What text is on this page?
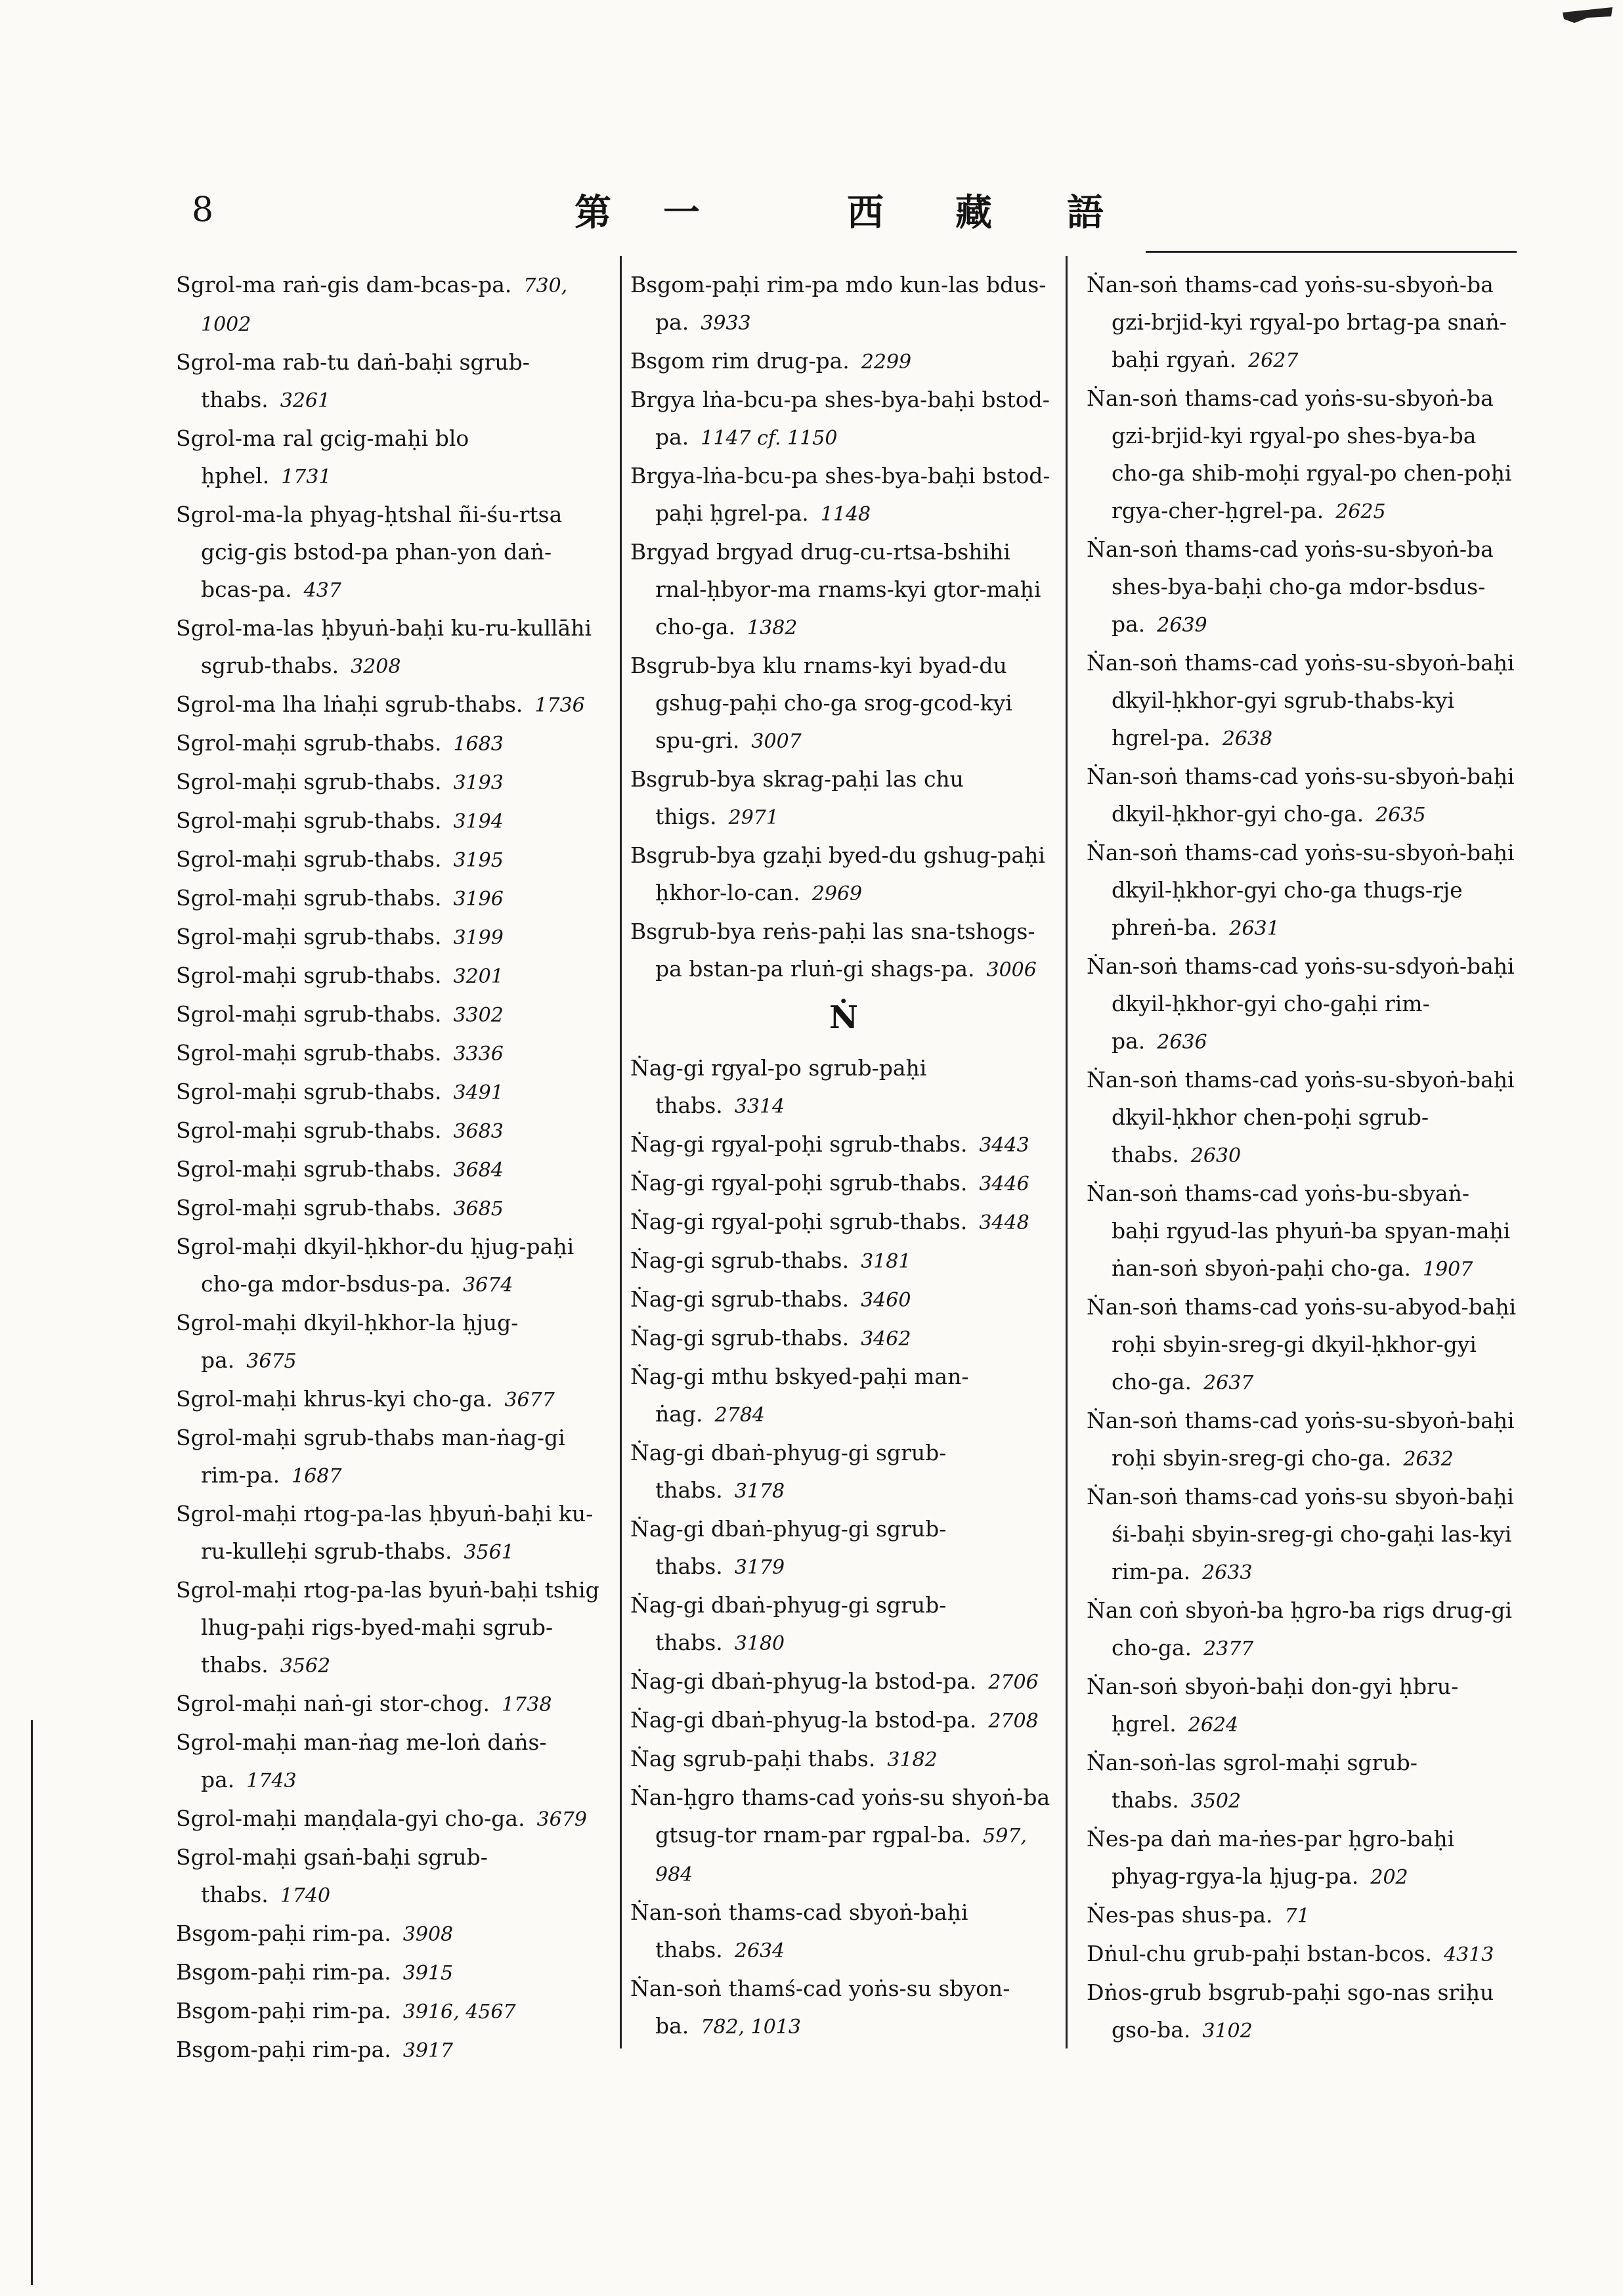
8	第 一	西 藏 語
Sgrol-ma raṅ-gis dam-bcas-pa. 730, 1002
Sgrol-ma rab-tu daṅ-baḥi sgrub-thabs. 3261
Sgrol-ma ral gcig-maḥi blo ḥphel. 1731
Sgrol-ma-la phyag-ḥtshal ñi-śu-rtsa gcig-gis bstod-pa phan-yon daṅ-bcas-pa. 437
Sgrol-ma-las ḥbyuṅ-baḥi ku-ru-kullāhi sgrub-thabs. 3208
Sgrol-ma lha lṅaḥi sgrub-thabs. 1736
Sgrol-maḥi sgrub-thabs. 1683
Sgrol-maḥi sgrub-thabs. 3193
Sgrol-maḥi sgrub-thabs. 3194
Sgrol-maḥi sgrub-thabs. 3195
Sgrol-maḥi sgrub-thabs. 3196
Sgrol-maḥi sgrub-thabs. 3199
Sgrol-maḥi sgrub-thabs. 3201
Sgrol-maḥi sgrub-thabs. 3302
Sgrol-maḥi sgrub-thabs. 3336
Sgrol-maḥi sgrub-thabs. 3491
Sgrol-maḥi sgrub-thabs. 3683
Sgrol-maḥi sgrub-thabs. 3684
Sgrol-maḥi sgrub-thabs. 3685
Sgrol-maḥi dkyil-ḥkhor-du ḥjug-paḥi cho-ga mdor-bsdus-pa. 3674
Sgrol-maḥi dkyil-ḥkhor-la ḥjug-pa. 3675
Sgrol-maḥi khrus-kyi cho-ga. 3677
Sgrol-maḥi sgrub-thabs man-ṅag-gi rim-pa. 1687
Sgrol-maḥi rtog-pa-las ḥbyuṅ-baḥi ku-ru-kulleḥi sgrub-thabs. 3561
Sgrol-maḥi rtog-pa-las byuṅ-baḥi tshig lhug-paḥi rigs-byed-maḥi sgrub-thabs. 3562
Sgrol-maḥi naṅ-gi stor-chog. 1738
Sgrol-maḥi man-ṅag me-loṅ daṅs-pa. 1743
Sgrol-maḥi maṇḍala-gyi cho-ga. 3679
Sgrol-maḥi gsaṅ-baḥi sgrub-thabs. 1740
Bsgom-paḥi rim-pa. 3908
Bsgom-paḥi rim-pa. 3915
Bsgom-paḥi rim-pa. 3916, 4567
Bsgom-paḥi rim-pa. 3917
Bsgom-paḥi rim-pa mdo kun-las bdus-pa. 3933
Bsgom rim drug-pa. 2299
Brgya lṅa-bcu-pa shes-bya-baḥi bstod-pa. 1147 cf. 1150
Brgya-lṅa-bcu-pa shes-bya-baḥi bstod-paḥi ḥgrel-pa. 1148
Brgyad brgyad drug-cu-rtsa-bshihi rnal-ḥbyor-ma rnams-kyi gtor-maḥi cho-ga. 1382
Bsgrub-bya klu rnams-kyi byad-du gshug-paḥi cho-ga srog-gcod-kyi spu-gri. 3007
Bsgrub-bya skrag-paḥi las chu thigs. 2971
Bsgrub-bya gzaḥi byed-du gshug-paḥi ḥkhor-lo-can. 2969
Bsgrub-bya reṅs-paḥi las sna-tshogs-pa bstan-pa rluṅ-gi shags-pa. 3006
Ṅ
Ṅag-gi rgyal-po sgrub-paḥi thabs. 3314
Ṅag-gi rgyal-poḥi sgrub-thabs. 3443
Ṅag-gi rgyal-poḥi sgrub-thabs. 3446
Ṅag-gi rgyal-poḥi sgrub-thabs. 3448
Ṅag-gi sgrub-thabs. 3181
Ṅag-gi sgrub-thabs. 3460
Ṅag-gi sgrub-thabs. 3462
Ṅag-gi mthu bskyed-paḥi man-ṅag. 2784
Ṅag-gi dbaṅ-phyug-gi sgrub-thabs. 3178
Ṅag-gi dbaṅ-phyug-gi sgrub-thabs. 3179
Ṅag-gi dbaṅ-phyug-gi sgrub-thabs. 3180
Ṅag-gi dbaṅ-phyug-la bstod-pa. 2706
Ṅag-gi dbaṅ-phyug-la bstod-pa. 2708
Ṅag sgrub-paḥi thabs. 3182
Ṅan-ḥgro thams-cad yoṅs-su shyoṅ-ba gtsug-tor rnam-par rgpal-ba. 597, 984
Ṅan-soṅ thams-cad sbyoṅ-baḥi thabs. 2634
Ṅan-soṅ thamś-cad yoṅs-su sbyon-ba. 782, 1013
Ṅan-soṅ thams-cad yoṅs-su-sbyoṅ-ba gzi-brjid-kyi rgyal-po brtag-pa snaṅ-baḥi rgyaṅ. 2627
Ṅan-soṅ thams-cad yoṅs-su-sbyoṅ-ba gzi-brjid-kyi rgyal-po shes-bya-ba cho-ga shib-moḥi rgyal-po chen-poḥi rgya-cher-ḥgrel-pa. 2625
Ṅan-soṅ thams-cad yoṅs-su-sbyoṅ-ba shes-bya-baḥi cho-ga mdor-bsdus-pa. 2639
Ṅan-soṅ thams-cad yoṅs-su-sbyoṅ-baḥi dkyil-ḥkhor-gyi sgrub-thabs-kyi hgrel-pa. 2638
Ṅan-soṅ thams-cad yoṅs-su-sbyoṅ-baḥi dkyil-ḥkhor-gyi cho-ga. 2635
Ṅan-soṅ thams-cad yoṅs-su-sbyoṅ-baḥi dkyil-ḥkhor-gyi cho-ga thugs-rje phreṅ-ba. 2631
Ṅan-soṅ thams-cad yoṅs-su-sdyoṅ-baḥi dkyil-ḥkhor-gyi cho-gaḥi rim-pa. 2636
Ṅan-soṅ thams-cad yoṅs-su-sbyoṅ-baḥi dkyil-ḥkhor chen-poḥi sgrub-thabs. 2630
Ṅan-soṅ thams-cad yoṅs-bu-sbyaṅ-baḥi rgyud-las phyuṅ-ba spyan-maḥi ṅan-soṅ sbyoṅ-paḥi cho-ga. 1907
Ṅan-soṅ thams-cad yoṅs-su-abyod-baḥi roḥi sbyin-sreg-gi dkyil-ḥkhor-gyi cho-ga. 2637
Ṅan-soṅ thams-cad yoṅs-su-sbyoṅ-baḥi roḥi sbyin-sreg-gi cho-ga. 2632
Ṅan-soṅ thams-cad yoṅs-su sbyoṅ-baḥi śi-baḥi sbyin-sreg-gi cho-gaḥi las-kyi rim-pa. 2633
Ṅan coṅ sbyoṅ-ba ḥgro-ba rigs drug-gi cho-ga. 2377
Ṅan-soṅ sbyoṅ-baḥi don-gyi ḥbru-ḥgrel. 2624
Ṅan-soṅ-las sgrol-maḥi sgrub-thabs. 3502
Ṅes-pa daṅ ma-ṅes-par ḥgro-baḥi phyag-rgya-la ḥjug-pa. 202
Ṅes-pas shus-pa. 71
Dṅul-chu grub-paḥi bstan-bcos. 4313
Dṅos-grub bsgrub-paḥi sgo-nas sriḥu gso-ba. 3102
